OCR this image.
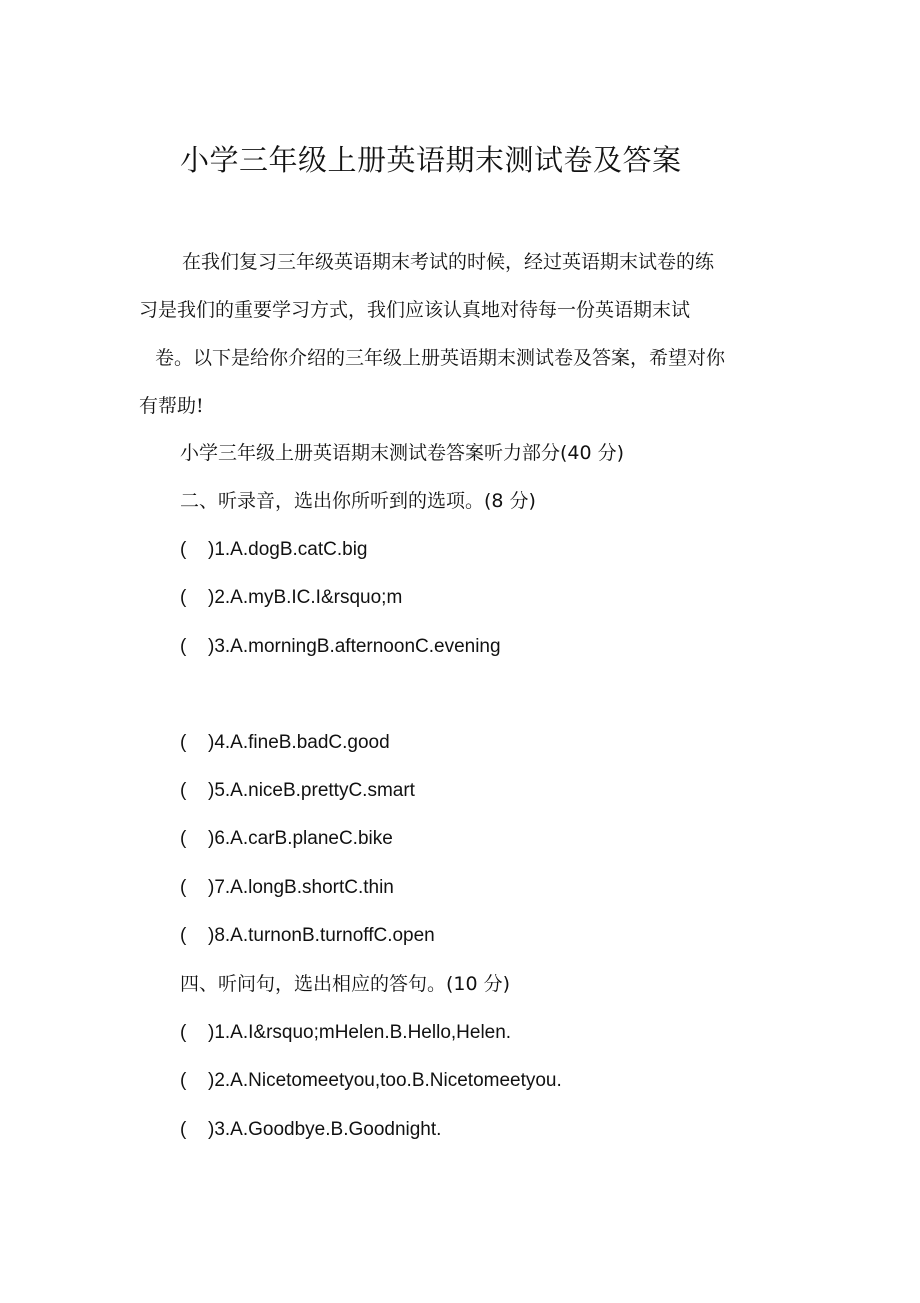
小学三年级上册英语期末测试卷及答案
在我们复习三年级英语期末考试的时候，经过英语期末试卷的练
习是我们的重要学习方式，我们应该认真地对待每一份英语期末试
卷。以下是给你介绍的三年级上册英语期末测试卷及答案，希望对你
有帮助!
小学三年级上册英语期末测试卷答案听力部分(40 分)
二、听录音，选出你所听到的选项。(8 分)
( )1.A.dogB.catC.big
( )2.A.myB.IC.I&rsquo;m
( )3.A.morningB.afternoonC.evening
( )4.A.fineB.badC.good
( )5.A.niceB.prettyC.smart
( )6.A.carB.planeC.bike
( )7.A.longB.shortC.thin
( )8.A.turnonB.turnoffC.open
四、听问句，选出相应的答句。(10 分)
( )1.A.I&rsquo;mHelen.B.Hello,Helen.
( )2.A.Nicetomeetyou,too.B.Nicetomeetyou.
( )3.A.Goodbye.B.Goodnight.
